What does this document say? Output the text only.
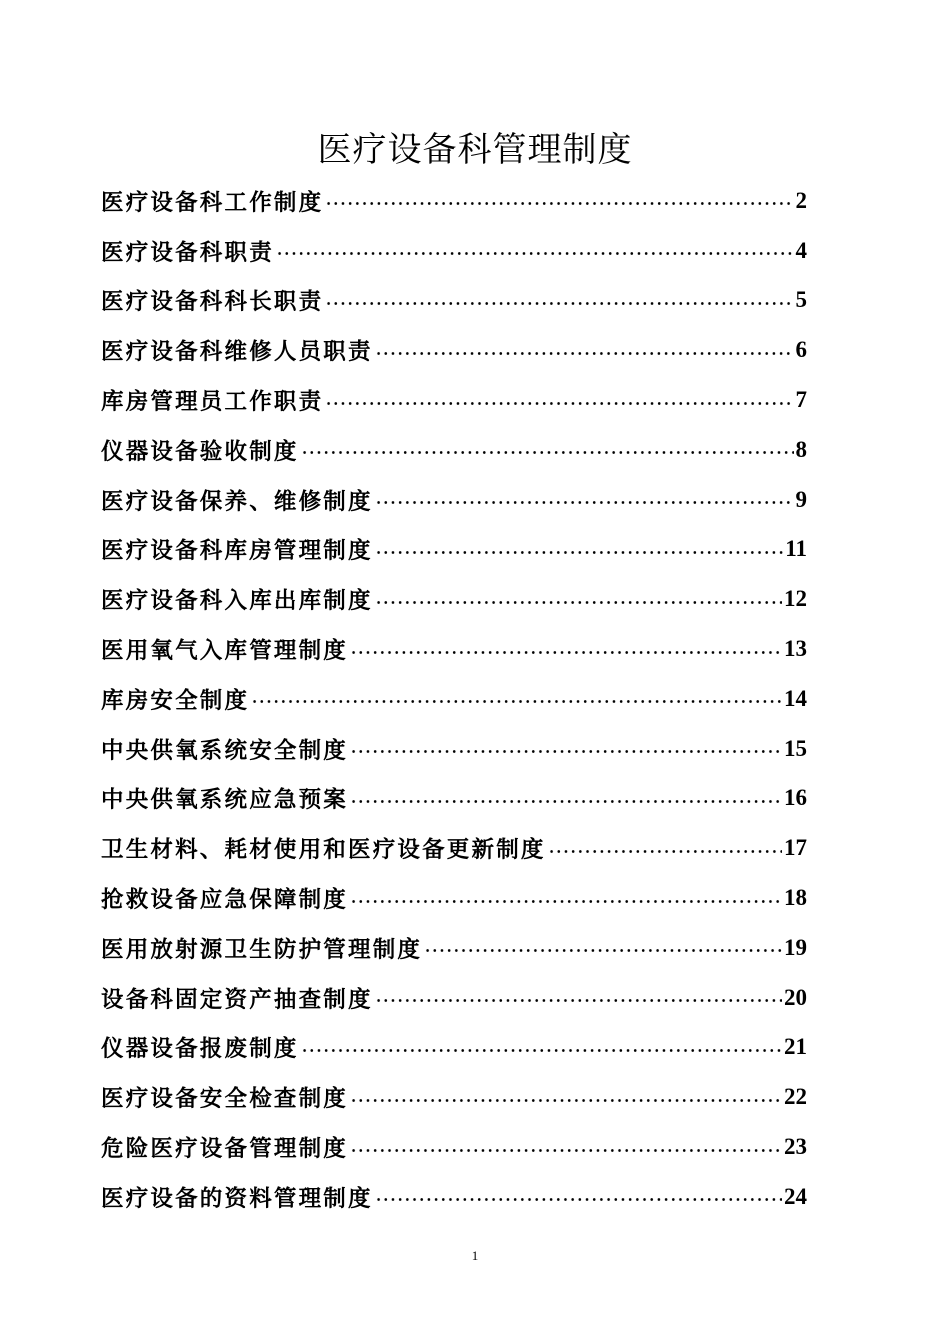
医疗设备科管理制度
医疗设备科工作制度	2
医疗设备科职责	4
医疗设备科科长职责	5
医疗设备科维修人员职责	6
库房管理员工作职责	7
仪器设备验收制度	8
医疗设备保养、维修制度	9
医疗设备科库房管理制度	11
医疗设备科入库出库制度	12
医用氧气入库管理制度	13
库房安全制度	14
中央供氧系统安全制度	15
中央供氧系统应急预案	16
卫生材料、耗材使用和医疗设备更新制度	17
抢救设备应急保障制度	18
医用放射源卫生防护管理制度	19
设备科固定资产抽查制度	20
仪器设备报废制度	21
医疗设备安全检查制度	22
危险医疗设备管理制度	23
医疗设备的资料管理制度	24
1
